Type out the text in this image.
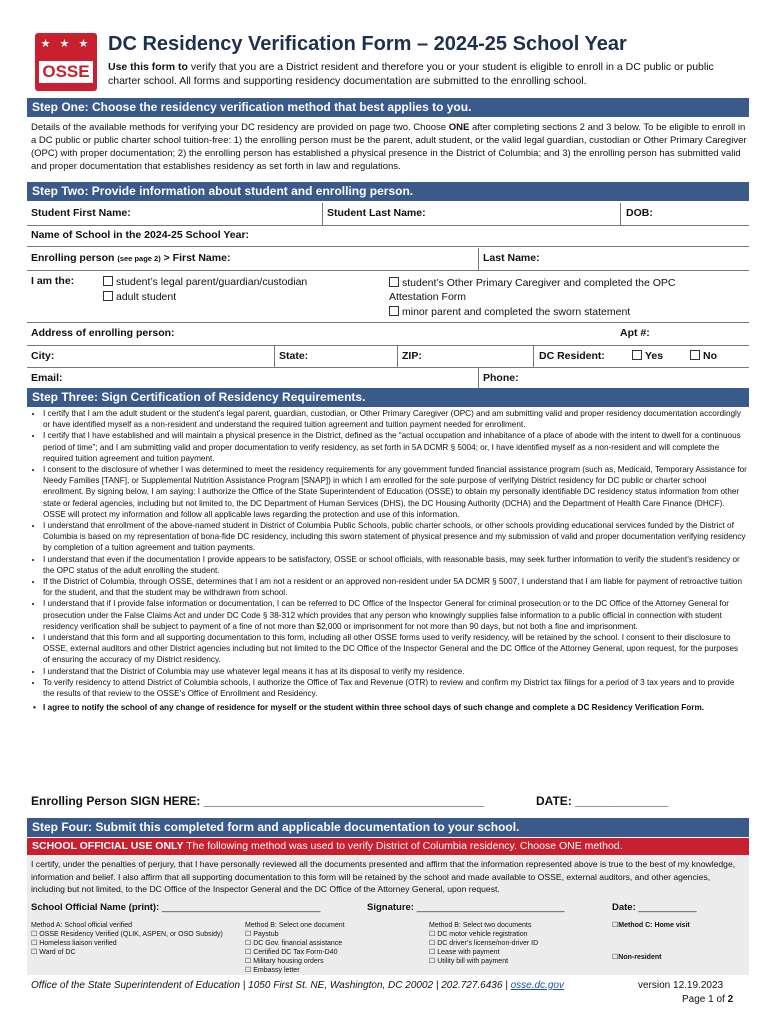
★ ★ ★
OSSE
DC Residency Verification Form – 2024-25 School Year
Use this form to verify that you are a District resident and therefore you or your student is eligible to enroll in a DC public or public charter school. All forms and supporting residency documentation are submitted to the enrolling school.
Step One: Choose the residency verification method that best applies to you.
Details of the available methods for verifying your DC residency are provided on page two. Choose ONE after completing sections 2 and 3 below. To be eligible to enroll in a DC public or public charter school tuition-free: 1) the enrolling person must be the parent, adult student, or the valid legal guardian, custodian or Other Primary Caregiver (OPC) with proper documentation; 2) the enrolling person has established a physical presence in the District of Columbia; and 3) the enrolling person has submitted valid and proper documentation that establishes residency as set forth in law and regulations.
Step Two: Provide information about student and enrolling person.
Student First Name:	Student Last Name:	DOB:
Name of School in the 2024-25 School Year:
Enrolling person (see page 2) > First Name:	Last Name:
I am the:	student’s legal parent/guardian/custodian
adult student
student’s Other Primary Caregiver and completed the OPC Attestation Form
minor parent and completed the sworn statement
Address of enrolling person:	Apt #:
City:	State:	ZIP:	DC Resident:	Yes	No
Email:	Phone:
Step Three: Sign Certification of Residency Requirements.
• I certify that I am the adult student or the student’s legal parent, guardian, custodian, or Other Primary Caregiver (OPC) and am submitting valid and proper residency documentation accordingly or have identified myself as a non-resident and understand the required tuition agreement and tuition payment needed for enrollment.
• I certify that I have established and will maintain a physical presence in the District, defined as the “actual occupation and inhabitance of a place of abode with the intent to dwell for a continuous period of time”; and I am submitting valid and proper documentation to verify residency, as set forth in 5A DCMR § 5004; or, I have identified myself as a non-resident and will complete the required tuition agreement and tuition payment.
• I consent to the disclosure of whether I was determined to meet the residency requirements for any government funded financial assistance program (such as, Medicaid, Temporary Assistance for Needy Families [TANF], or Supplemental Nutrition Assistance Program [SNAP]) in which I am enrolled for the sole purpose of verifying District residency for DC public or charter school enrollment. By signing below, I am saying: I authorize the Office of the State Superintendent of Education (OSSE) to obtain my personally identifiable DC residency status information from other state or federal agencies, including but not limited to, the DC Department of Human Services (DHS), the DC Housing Authority (DCHA) and the Department of Health Care Finance (DHCF). OSSE will protect my information and follow all applicable laws regarding the protection and use of this information.
• I understand that enrollment of the above-named student in District of Columbia Public Schools, public charter schools, or other schools providing educational services funded by the District of Columbia is based on my representation of bona-fide DC residency, including this sworn statement of physical presence and my submission of valid and proper documentation verifying residency by completion of a tuition agreement and tuition payments.
• I understand that even if the documentation I provide appears to be satisfactory, OSSE or school officials, with reasonable basis, may seek further information to verify the student’s residency or the OPC status of the adult enrolling the student.
• If the District of Columbia, through OSSE, determines that I am not a resident or an approved non-resident under 5A DCMR § 5007, I understand that I am liable for payment of retroactive tuition for the student, and that the student may be withdrawn from school.
• I understand that if I provide false information or documentation, I can be referred to DC Office of the Inspector General for criminal prosecution or to the DC Office of the Attorney General for prosecution under the False Claims Act and under DC Code § 38-312 which provides that any person who knowingly supplies false information to a public official in connection with student residency verification shall be subject to payment of a fine of not more than $2,000 or imprisonment for not more than 90 days, but not both a fine and imprisonment.
• I understand that this form and all supporting documentation to this form, including all other OSSE forms used to verify residency, will be retained by the school. I consent to their disclosure to OSSE, external auditors and other District agencies including but not limited to the DC Office of the Inspector General and the DC Office of the Attorney General, upon request, for the purposes of ensuring the accuracy of my District residency.
• I understand that the District of Columbia may use whatever legal means it has at its disposal to verify my residence.
• To verify residency to attend District of Columbia schools, I authorize the Office of Tax and Revenue (OTR) to review and confirm my District tax filings for a period of 3 tax years and to provide the results of that review to the OSSE’s Office of Enrollment and Residency.
• I agree to notify the school of any change of residence for myself or the student within three school days of such change and complete a DC Residency Verification Form.
Enrolling Person SIGN HERE: __________________________________________	DATE: ______________
Step Four: Submit this completed form and applicable documentation to your school.
SCHOOL OFFICIAL USE ONLY The following method was used to verify District of Columbia residency. Choose ONE method.
I certify, under the penalties of perjury, that I have personally reviewed all the documents presented and affirm that the information represented above is true to the best of my knowledge, information and belief. I also affirm that all supporting documentation to this form will be retained by the school and made available to OSSE, external auditors, and other agencies, including but not limited, to the DC Office of the Inspector General and the DC Office of the Attorney General, upon request.
School Official Name (print): ______________________________	Signature: ____________________________	Date: ___________
Method A: School official verified
☐ OSSE Residency Verified (QLIK, ASPEN, or OSO Subsidy)
☐ Homeless liaison verified
☐ Ward of DC
Method B: Select one document
☐ Paystub
☐ DC Gov. financial assistance
☐ Certified DC Tax Form-D40
☐ Military housing orders
☐ Embassy letter
Method B: Select two documents
☐ DC motor vehicle registration
☐ DC driver’s license/non-driver ID
☐ Lease with payment
☐ Utility bill with payment
☐Method C: Home visit
☐Non-resident
Office of the State Superintendent of Education | 1050 First St. NE, Washington, DC 20002 | 202.727.6436 | osse.dc.gov	version 12.19.2023
Page 1 of 2
